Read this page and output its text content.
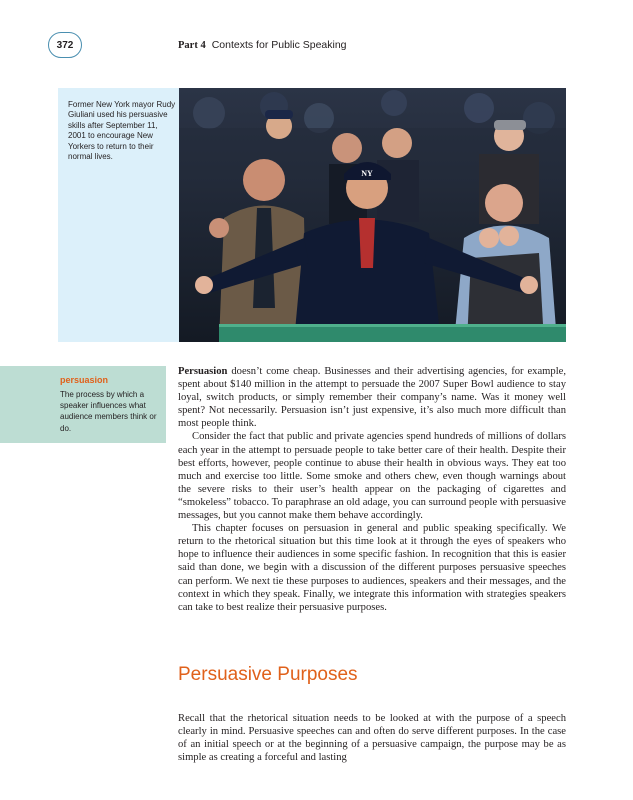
372	Part 4 Contexts for Public Speaking
Former New York mayor Rudy Giuliani used his persuasive skills after September 11, 2001 to encourage New Yorkers to return to their normal lives.
NY
persuasion
The process by which a speaker influences what audience members think or do.

Persuasion doesn’t come cheap. Businesses and their advertising agencies, for example, spent about $140 million in the attempt to persuade the 2007 Super Bowl audience to stay loyal, switch products, or simply remember their company’s name. Was it money well spent? Not necessarily. Persuasion isn’t just expensive, it’s also much more difficult than most people think.

Consider the fact that public and private agencies spend hundreds of millions of dollars each year in the attempt to persuade people to take better care of their health. Despite their best efforts, however, people continue to abuse their health in obvious ways. They eat too much and exercise too little. Some smoke and others chew, even though warnings about the severe risks to their user’s health appear on the packaging of cigarettes and “smokeless” tobacco. To paraphrase an old adage, you can surround people with persuasive messages, but you cannot make them behave accordingly.

This chapter focuses on persuasion in general and public speaking specifically. We return to the rhetorical situation but this time look at it through the eyes of speakers who hope to influence their audiences in some specific fashion. In recognition that this is easier said than done, we begin with a discussion of the different purposes persuasive speeches can perform. We next tie these purposes to audiences, speakers and their messages, and the context in which they speak. Finally, we integrate this information with strategies speakers can take to best realize their persuasive purposes.

Persuasive Purposes

Recall that the rhetorical situation needs to be looked at with the purpose of a speech clearly in mind. Persuasive speeches can and often do serve different purposes. In the case of an initial speech or at the beginning of a persuasive campaign, the purpose may be as simple as creating a forceful and lasting
